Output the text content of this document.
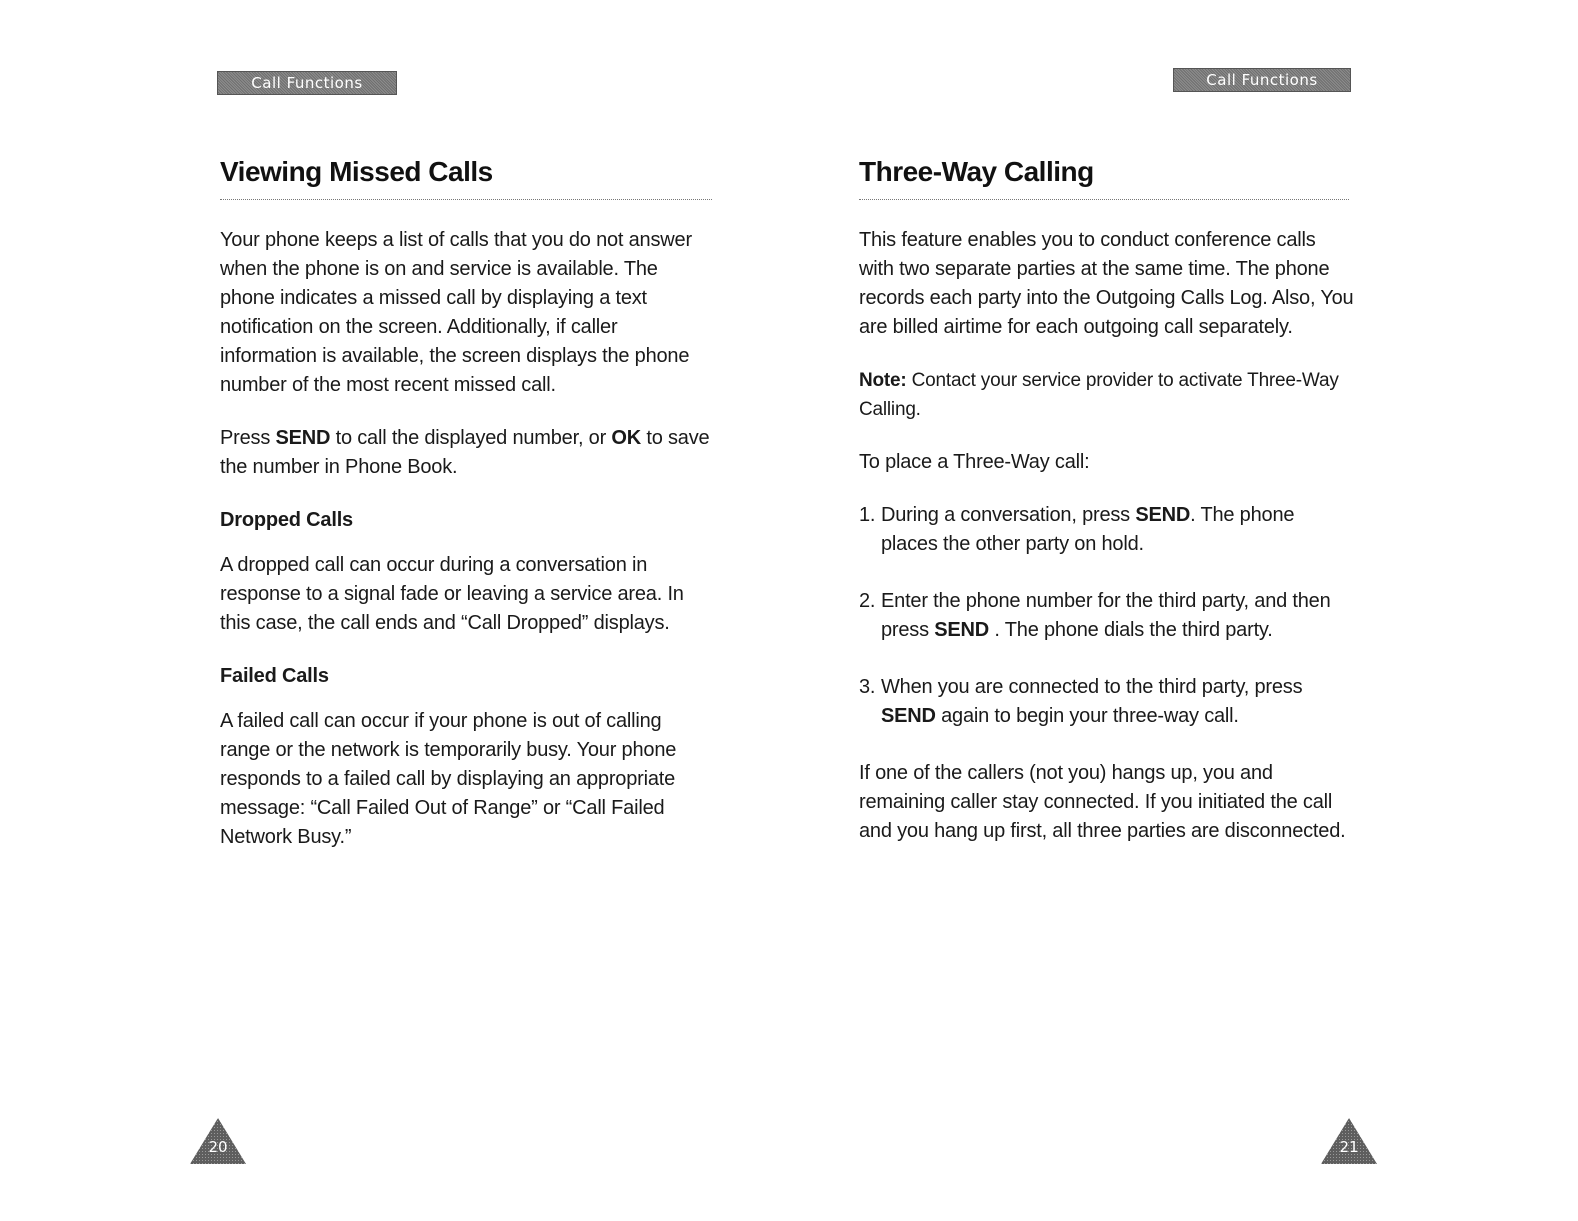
Call Functions
Viewing Missed Calls

Your phone keeps a list of calls that you do not answer when the phone is on and service is available. The phone indicates a missed call by displaying a text notification on the screen. Additionally, if caller information is available, the screen displays the phone number of the most recent missed call.

Press SEND to call the displayed number, or OK to save the number in Phone Book.

Dropped Calls

A dropped call can occur during a conversation in response to a signal fade or leaving a service area. In this case, the call ends and “Call Dropped” displays.

Failed Calls

A failed call can occur if your phone is out of calling range or the network is temporarily busy. Your phone responds to a failed call by displaying an appropriate message: “Call Failed Out of Range” or “Call Failed Network Busy.”

20
Call Functions
Three-Way Calling

This feature enables you to conduct conference calls with two separate parties at the same time. The phone records each party into the Outgoing Calls Log. Also, You are billed airtime for each outgoing call separately.

Note: Contact your service provider to activate Three-Way Calling.

To place a Three-Way call:

1. During a conversation, press SEND. The phone places the other party on hold.
2. Enter the phone number for the third party, and then press SEND . The phone dials the third party.
3. When you are connected to the third party, press SEND again to begin your three-way call.

If one of the callers (not you) hangs up, you and remaining caller stay connected. If you initiated the call and you hang up first, all three parties are disconnected.

21
